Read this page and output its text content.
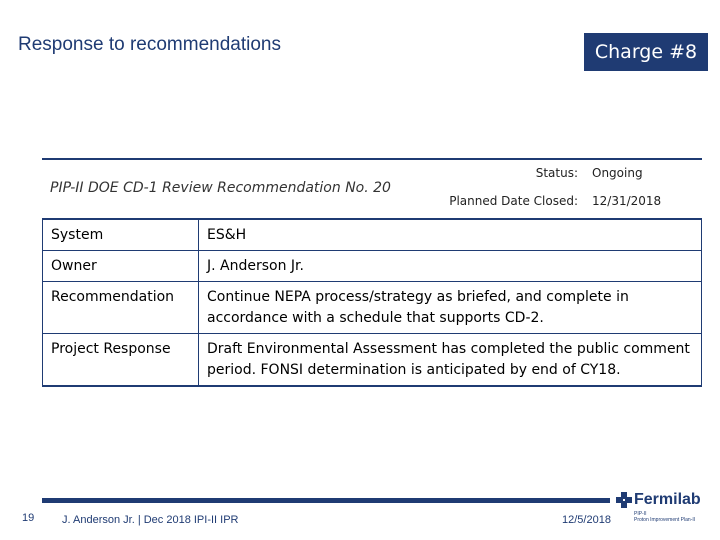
Response to recommendations	Charge #8
PIP-II DOE CD-1 Review Recommendation No. 20
Status: Ongoing
Planned Date Closed: 12/31/2018
System	ES&H
Owner	J. Anderson Jr.
Recommendation	Continue NEPA process/strategy as briefed, and complete in accordance with a schedule that supports CD-2.
Project Response	Draft Environmental Assessment has completed the public comment period. FONSI determination is anticipated by end of CY18.
19	J. Anderson Jr. | Dec 2018 IPI-II IPR	12/5/2018
Fermilab
PIP-II
Proton Improvement Plan-II
